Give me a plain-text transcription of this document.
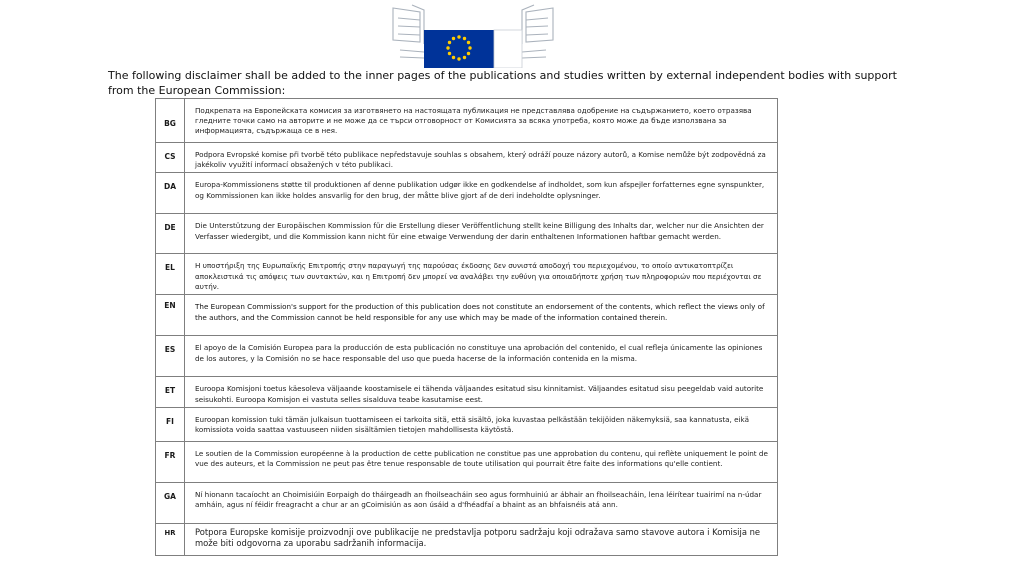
The following disclaimer shall be added to the inner pages of the publications and studies written by external independent bodies with support from the European Commission:

BG	Подкрепата на Европейската комисия за изготвянето на настоящата публикация не представлява одобрение на съдържанието, което отразява гледните точки само на авторите и не може да се търси отговорност от Комисията за всяка употреба, която може да бъде използвана за информацията, съдържаща се в нея.
CS	Podpora Evropské komise při tvorbě této publikace nepředstavuje souhlas s obsahem, který odráží pouze názory autorů, a Komise nemůže být zodpovědná za jakékoliv využití informací obsažených v této publikaci.
DA	Europa-Kommissionens støtte til produktionen af denne publikation udgør ikke en godkendelse af indholdet, som kun afspejler forfatternes egne synspunkter, og Kommissionen kan ikke holdes ansvarlig for den brug, der måtte blive gjort af de deri indeholdte oplysninger.
DE	Die Unterstützung der Europäischen Kommission für die Erstellung dieser Veröffentlichung stellt keine Billigung des Inhalts dar, welcher nur die Ansichten der Verfasser wiedergibt, und die Kommission kann nicht für eine etwaige Verwendung der darin enthaltenen Informationen haftbar gemacht werden.
EL	Η υποστήριξη της Ευρωπαϊκής Επιτροπής στην παραγωγή της παρούσας έκδοσης δεν συνιστά αποδοχή του περιεχομένου, το οποίο αντικατοπτρίζει αποκλειστικά τις απόψεις των συντακτών, και η Επιτροπή δεν μπορεί να αναλάβει την ευθύνη για οποιαδήποτε χρήση των πληροφοριών που περιέχονται σε αυτήν.
EN	The European Commission's support for the production of this publication does not constitute an endorsement of the contents, which reflect the views only of the authors, and the Commission cannot be held responsible for any use which may be made of the information contained therein.
ES	El apoyo de la Comisión Europea para la producción de esta publicación no constituye una aprobación del contenido, el cual refleja únicamente las opiniones de los autores, y la Comisión no se hace responsable del uso que pueda hacerse de la información contenida en la misma.
ET	Euroopa Komisjoni toetus käesoleva väljaande koostamisele ei tähenda väljaandes esitatud sisu kinnitamist. Väljaandes esitatud sisu peegeldab vaid autorite seisukohti. Euroopa Komisjon ei vastuta selles sisalduva teabe kasutamise eest.
FI	Euroopan komission tuki tämän julkaisun tuottamiseen ei tarkoita sitä, että sisältö, joka kuvastaa pelkästään tekijöiden näkemyksiä, saa kannatusta, eikä komissiota voida saattaa vastuuseen niiden sisältämien tietojen mahdollisesta käytöstä.
FR	Le soutien de la Commission européenne à la production de cette publication ne constitue pas une approbation du contenu, qui reflète uniquement le point de vue des auteurs, et la Commission ne peut pas être tenue responsable de toute utilisation qui pourrait être faite des informations qu'elle contient.
GA	Ní hionann tacaíocht an Choimisiúin Eorpaigh do tháirgeadh an fhoilseacháin seo agus formhuiniú ar ábhair an fhoilseacháin, lena léirítear tuairimí na n-údar amháin, agus ní féidir freagracht a chur ar an gCoimisiún as aon úsáid a d'fhéadfaí a bhaint as an bhfaisnéis atá ann.
HR	Potpora Europske komisije proizvodnji ove publikacije ne predstavlja potporu sadržaju koji odražava samo stavove autora i Komisija ne može biti odgovorna za uporabu sadržanih informacija.
